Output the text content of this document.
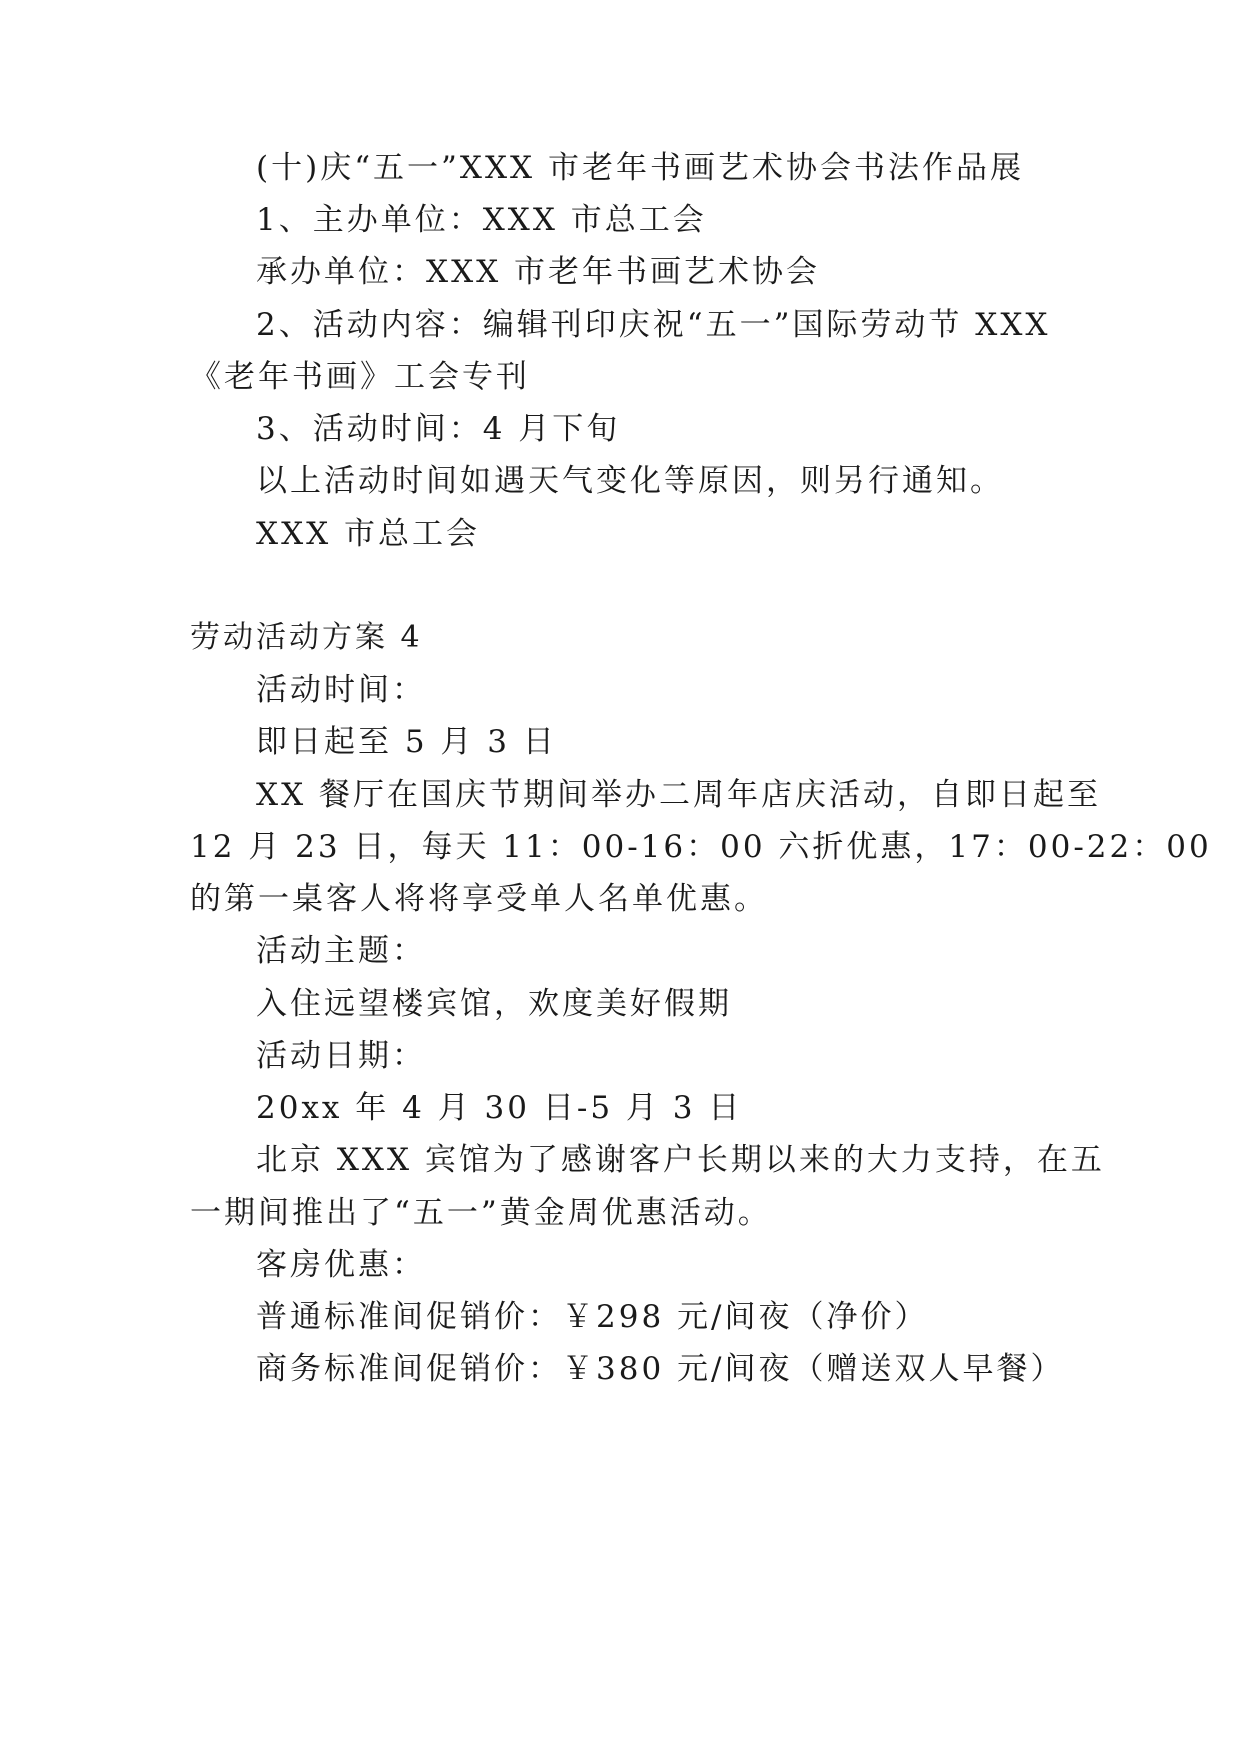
(十)庆“五一”XXX 市老年书画艺术协会书法作品展

1、主办单位：XXX 市总工会

承办单位：XXX 市老年书画艺术协会

2、活动内容：编辑刊印庆祝“五一”国际劳动节 XXX

《老年书画》工会专刊

3、活动时间：4 月下旬

以上活动时间如遇天气变化等原因，则另行通知。

XXX 市总工会

劳动活动方案 4

活动时间：

即日起至 5 月 3 日

XX 餐厅在国庆节期间举办二周年店庆活动，自即日起至

12 月 23 日，每天 11：00-16：00 六折优惠，17：00-22：00

的第一桌客人将将享受单人名单优惠。

活动主题：

入住远望楼宾馆，欢度美好假期

活动日期：

20xx 年 4 月 30 日-5 月 3 日

北京 XXX 宾馆为了感谢客户长期以来的大力支持，在五

一期间推出了“五一”黄金周优惠活动。

客房优惠：

普通标准间促销价：￥298 元/间夜（净价）

商务标准间促销价：￥380 元/间夜（赠送双人早餐）
